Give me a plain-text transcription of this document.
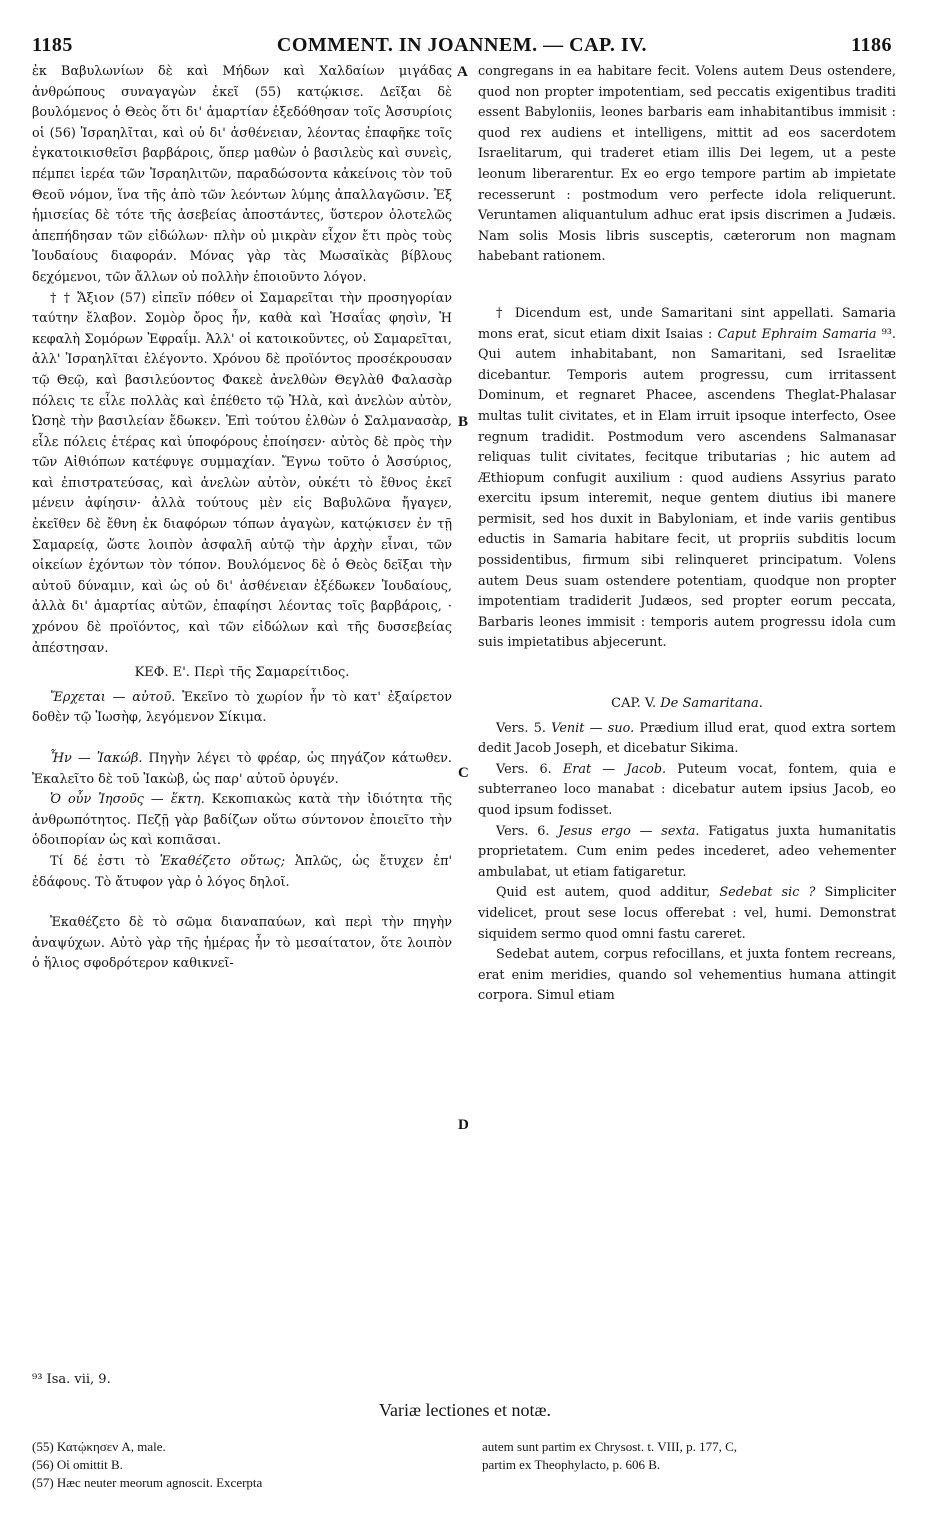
1185	COMMENT. IN JOANNEM. — CAP. IV.	1186
A
B
C
D

ἐκ Βαβυλωνίων δὲ καὶ Μήδων καὶ Χαλδαίων μιγάδας ἀνθρώπους συναγαγὼν ἐκεῖ (55) κατῴκισε. Δεῖξαι δὲ βουλόμενος ὁ Θεὸς ὅτι δι' ἁμαρτίαν ἐξεδόθησαν τοῖς Ἀσσυρίοις οἱ (56) Ἰσραηλῖται, καὶ οὐ δι' ἀσθένειαν, λέοντας ἐπαφῆκε τοῖς ἐγκατοικισθεῖσι βαρβάροις, ὅπερ μαθὼν ὁ βασιλεὺς καὶ συνεὶς, πέμπει ἱερέα τῶν Ἰσραηλιτῶν, παραδώσοντα κἀκείνοις τὸν τοῦ Θεοῦ νόμον, ἵνα τῆς ἀπὸ τῶν λεόντων λύμης ἀπαλλαγῶσιν. Ἐξ ἡμισείας δὲ τότε τῆς ἀσεβείας ἀποστάντες, ὕστερον ὁλοτελῶς ἀπεπήδησαν τῶν εἰδώλων· πλὴν οὐ μικρὰν εἶχον ἔτι πρὸς τοὺς Ἰουδαίους διαφοράν. Μόνας γὰρ τὰς Μωσαϊκὰς βίβλους δεχόμενοι, τῶν ἄλλων οὐ πολλὴν ἐποιοῦντο λόγον.

† † Ἄξιον (57) εἰπεῖν πόθεν οἱ Σαμαρεῖται τὴν προσηγορίαν ταύτην ἔλαβον. Σομὸρ ὄρος ἦν, καθὰ καὶ Ἡσαΐας φησὶν, Ἡ κεφαλὴ Σομόρων Ἐφραΐμ. Ἀλλ' οἱ κατοικοῦντες, οὐ Σαμαρεῖται, ἀλλ' Ἰσραηλῖται ἐλέγοντο. Χρόνου δὲ προϊόντος προσέκρουσαν τῷ Θεῷ, καὶ βασιλεύοντος Φακεὲ ἀνελθὼν Θεγλὰθ Φαλασὰρ πόλεις τε εἷλε πολλὰς καὶ ἐπέθετο τῷ Ἠλὰ, καὶ ἀνελὼν αὐτὸν, Ὠσηὲ τὴν βασιλείαν ἔδωκεν. Ἐπὶ τούτου ἐλθὼν ὁ Σαλμανασὰρ, εἷλε πόλεις ἑτέρας καὶ ὑποφόρους ἐποίησεν· αὐτὸς δὲ πρὸς τὴν τῶν Αἰθιόπων κατέφυγε συμμαχίαν. Ἔγνω τοῦτο ὁ Ἀσσύριος, καὶ ἐπιστρατεύσας, καὶ ἀνελὼν αὐτὸν, οὐκέτι τὸ ἔθνος ἐκεῖ μένειν ἀφίησιν· ἀλλὰ τούτους μὲν εἰς Βαβυλῶνα ἤγαγεν, ἐκεῖθεν δὲ ἔθνη ἐκ διαφόρων τόπων ἀγαγὼν, κατῴκισεν ἐν τῇ Σαμαρείᾳ, ὥστε λοιπὸν ἀσφαλῆ αὐτῷ τὴν ἀρχὴν εἶναι, τῶν οἰκείων ἐχόντων τὸν τόπον. Βουλόμενος δὲ ὁ Θεὸς δεῖξαι τὴν αὐτοῦ δύναμιν, καὶ ὡς οὐ δι' ἀσθένειαν ἐξέδωκεν Ἰουδαίους, ἀλλὰ δι' ἁμαρτίας αὐτῶν, ἐπαφίησι λέοντας τοῖς βαρβάροις, · χρόνου δὲ προϊόντος, καὶ τῶν εἰδώλων καὶ τῆς δυσσεβείας ἀπέστησαν.

ΚΕΦ. Ε'. Περὶ τῆς Σαμαρείτιδος.

Ἔρχεται — αὐτοῦ. Ἐκεῖνο τὸ χωρίον ἦν τὸ κατ' ἐξαίρετον δοθὲν τῷ Ἰωσὴφ, λεγόμενον Σίκιμα.

Ἦν — Ἰακώβ. Πηγὴν λέγει τὸ φρέαρ, ὡς πηγάζον κάτωθεν. Ἐκαλεῖτο δὲ τοῦ Ἰακὼβ, ὡς παρ' αὐτοῦ ὀρυγέν.

Ὁ οὖν Ἰησοῦς — ἕκτη. Κεκοπιακὼς κατὰ τὴν ἰδιότητα τῆς ἀνθρωπότητος. Πεζῇ γὰρ βαδίζων οὕτω σύντονον ἐποιεῖτο τὴν ὁδοιπορίαν ὡς καὶ κοπιᾶσαι.

Τί δέ ἐστι τὸ Ἐκαθέζετο οὕτως; Ἁπλῶς, ὡς ἔτυχεν ἐπ' ἐδάφους. Τὸ ἄτυφον γὰρ ὁ λόγος δηλοῖ.

Ἐκαθέζετο δὲ τὸ σῶμα διαναπαύων, καὶ περὶ τὴν πηγὴν ἀναψύχων. Αὐτὸ γὰρ τῆς ἡμέρας ἦν τὸ μεσαίτατον, ὅτε λοιπὸν ὁ ἥλιος σφοδρότερον καθικνεῖ-

congregans in ea habitare fecit. Volens autem Deus ostendere, quod non propter impotentiam, sed peccatis exigentibus traditi essent Babyloniis, leones barbaris eam inhabitantibus immisit : quod rex audiens et intelligens, mittit ad eos sacerdotem Israelitarum, qui traderet etiam illis Dei legem, ut a peste leonum liberarentur. Ex eo ergo tempore partim ab impietate recesserunt : postmodum vero perfecte idola reliquerunt. Veruntamen aliquantulum adhuc erat ipsis discrimen a Judæis. Nam solis Mosis libris susceptis, cæterorum non magnam habebant rationem.

† Dicendum est, unde Samaritani sint appellati. Samaria mons erat, sicut etiam dixit Isaias : Caput Ephraim Samaria ⁹³. Qui autem inhabitabant, non Samaritani, sed Israelitæ dicebantur. Temporis autem progressu, cum irritassent Dominum, et regnaret Phacee, ascendens Theglat-Phalasar multas tulit civitates, et in Elam irruit ipsoque interfecto, Osee regnum tradidit. Postmodum vero ascendens Salmanasar reliquas tulit civitates, fecitque tributarias ; hic autem ad Æthiopum confugit auxilium : quod audiens Assyrius parato exercitu ipsum interemit, neque gentem diutius ibi manere permisit, sed hos duxit in Babyloniam, et inde variis gentibus eductis in Samaria habitare fecit, ut propriis subditis locum possidentibus, firmum sibi relinqueret principatum. Volens autem Deus suam ostendere potentiam, quodque non propter impotentiam tradiderit Judæos, sed propter eorum peccata, Barbaris leones immisit : temporis autem progressu idola cum suis impietatibus abjecerunt.

CAP. V. De Samaritana.

Vers. 5. Venit — suo. Prædium illud erat, quod extra sortem dedit Jacob Joseph, et dicebatur Sikima.

Vers. 6. Erat — Jacob. Puteum vocat, fontem, quia e subterraneo loco manabat : dicebatur autem ipsius Jacob, eo quod ipsum fodisset.

Vers. 6. Jesus ergo — sexta. Fatigatus juxta humanitatis proprietatem. Cum enim pedes incederet, adeo vehementer ambulabat, ut etiam fatigaretur.

Quid est autem, quod additur, Sedebat sic ? Simpliciter videlicet, prout sese locus offerebat : vel, humi. Demonstrat siquidem sermo quod omni fastu careret.

Sedebat autem, corpus refocillans, et juxta fontem recreans, erat enim meridies, quando sol vehementius humana attingit corpora. Simul etiam

⁹³ Isa. vii, 9.
Variæ lectiones et notæ.
(55) Κατῴκησεν A, male.
(56) Οἱ omittit B.
(57) Hæc neuter meorum agnoscit. Excerpta
autem sunt partim ex Chrysost. t. VIII, p. 177, C,
partim ex Theophylacto, p. 606 B.
